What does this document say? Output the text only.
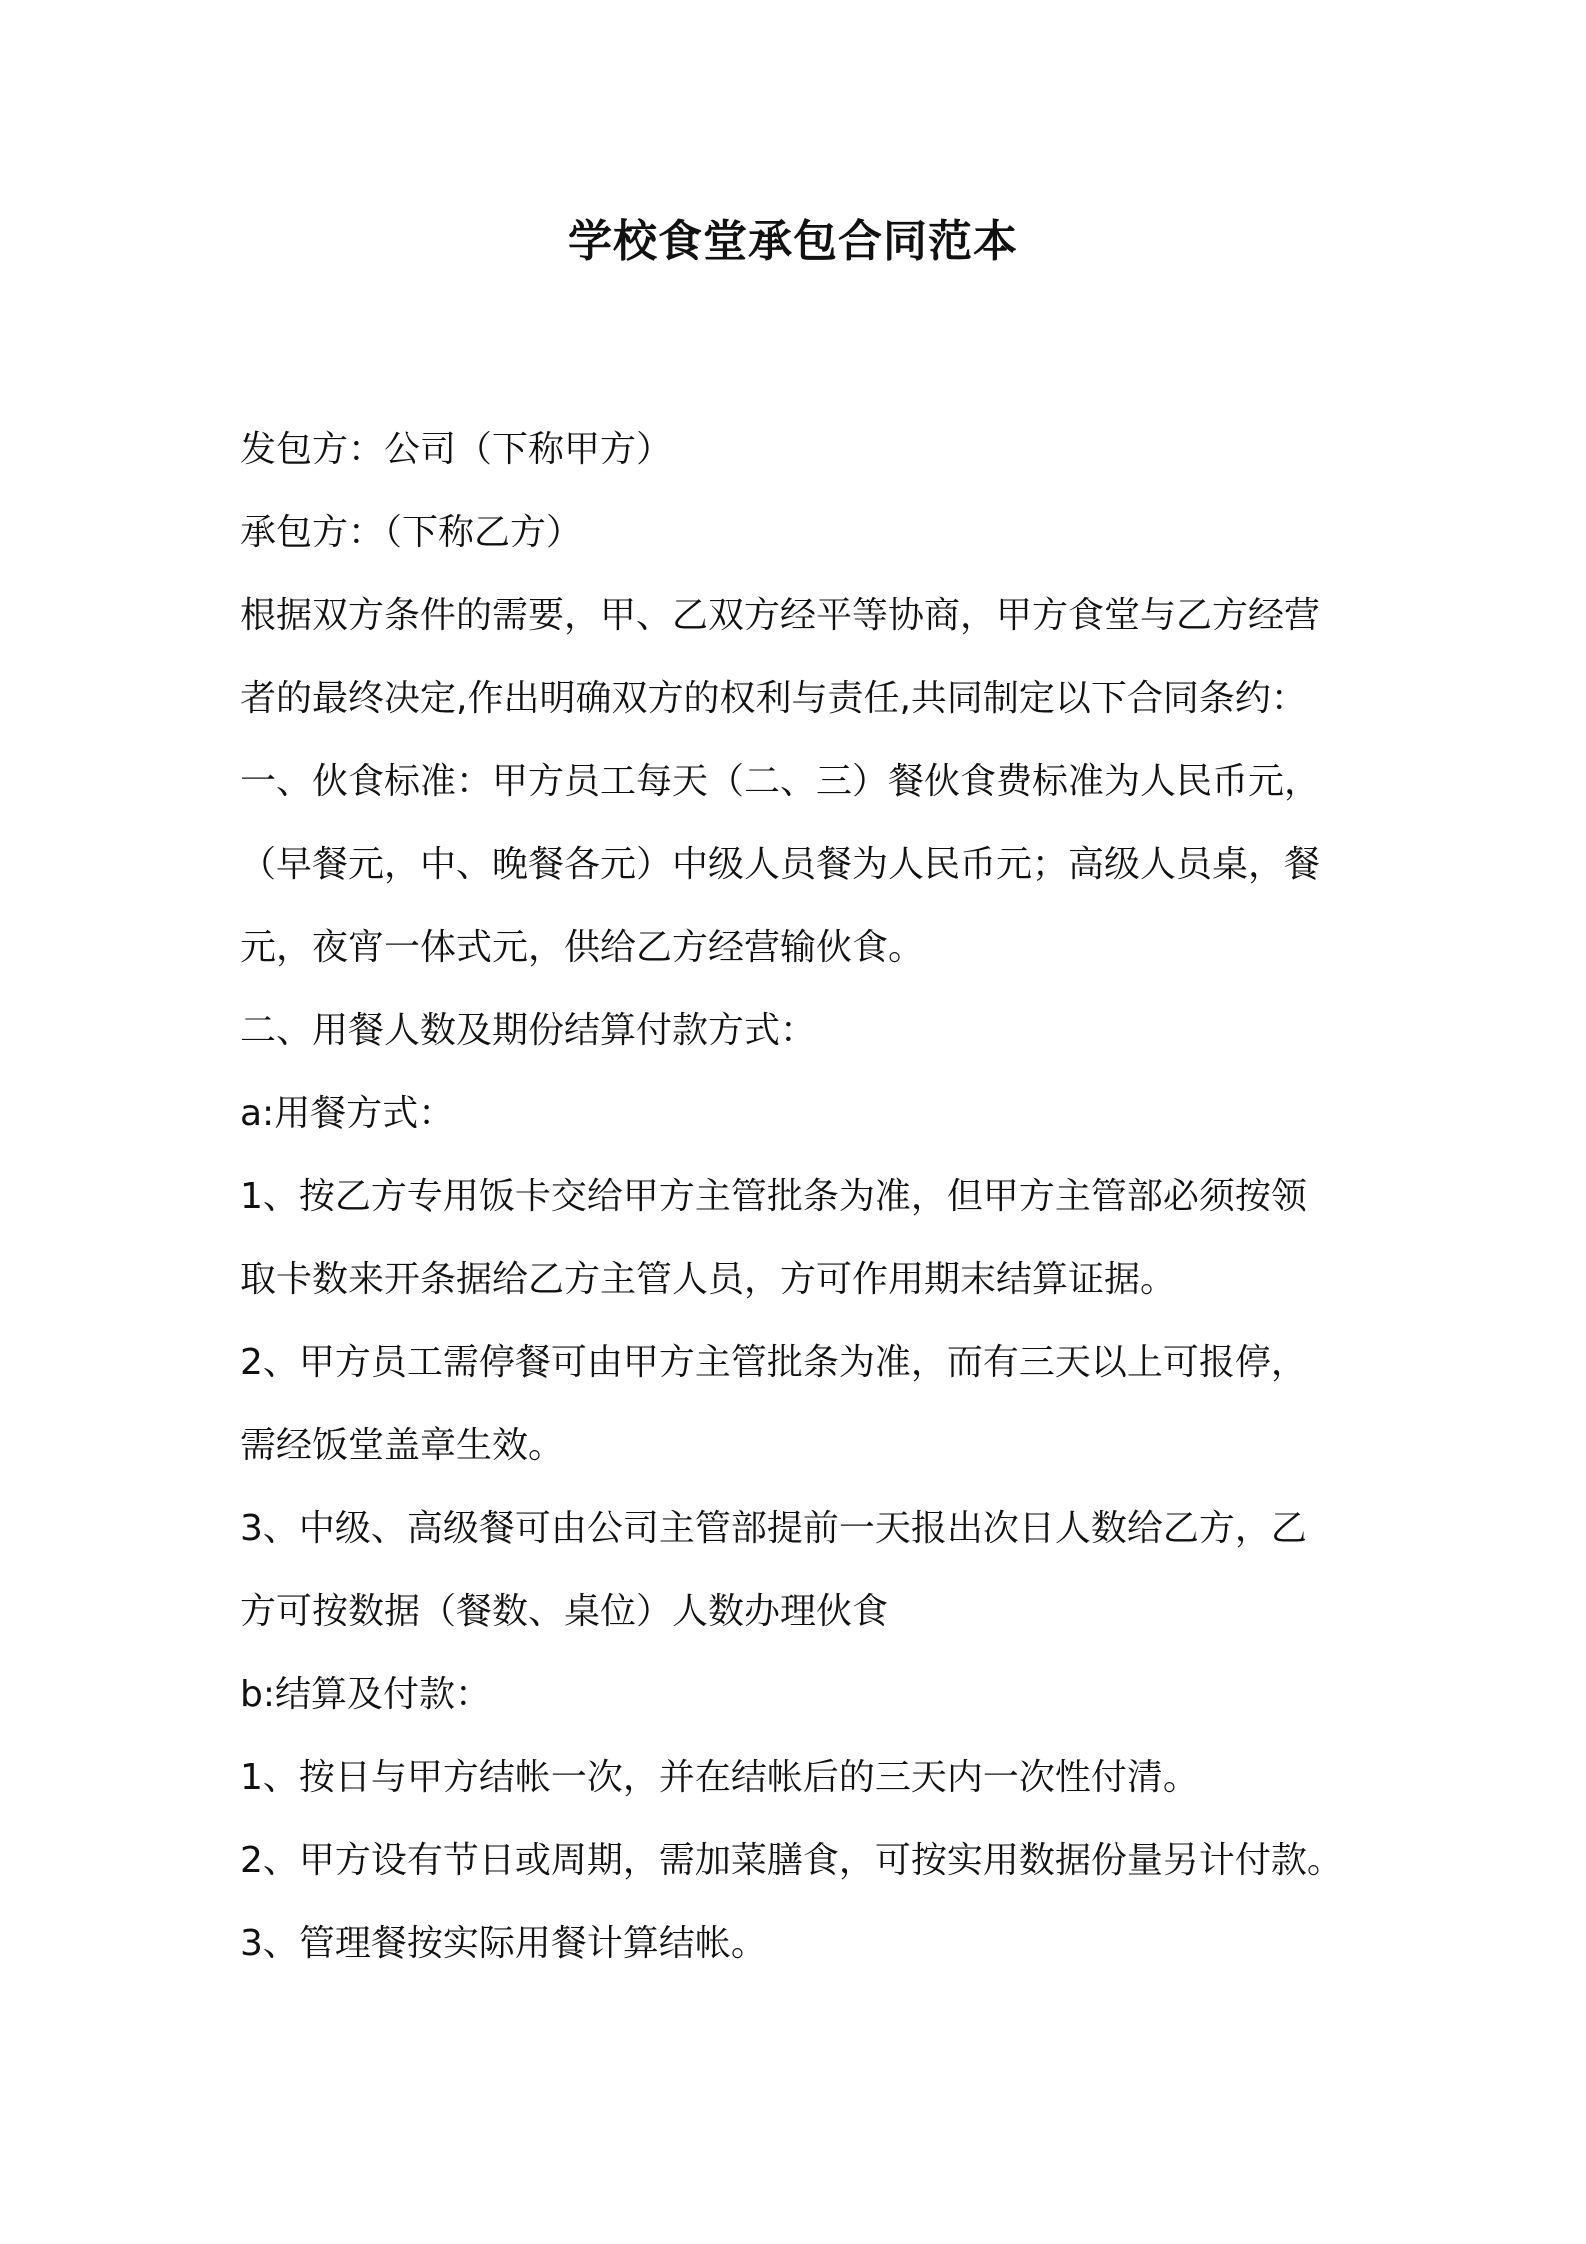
学校食堂承包合同范本

发包方：公司（下称甲方）

承包方：（下称乙方）

根据双方条件的需要，甲、乙双方经平等协商，甲方食堂与乙方经营

者的最终决定,作出明确双方的权利与责任,共同制定以下合同条约：

一、伙食标准：甲方员工每天（二、三）餐伙食费标准为人民币元，

（早餐元，中、晚餐各元）中级人员餐为人民币元；高级人员桌，餐

元，夜宵一体式元，供给乙方经营输伙食。

二、用餐人数及期份结算付款方式：

a:用餐方式：

1、按乙方专用饭卡交给甲方主管批条为准，但甲方主管部必须按领

取卡数来开条据给乙方主管人员，方可作用期末结算证据。

2、甲方员工需停餐可由甲方主管批条为准，而有三天以上可报停，

需经饭堂盖章生效。

3、中级、高级餐可由公司主管部提前一天报出次日人数给乙方，乙

方可按数据（餐数、桌位）人数办理伙食

b:结算及付款：

1、按日与甲方结帐一次，并在结帐后的三天内一次性付清。

2、甲方设有节日或周期，需加菜膳食，可按实用数据份量另计付款。

3、管理餐按实际用餐计算结帐。
